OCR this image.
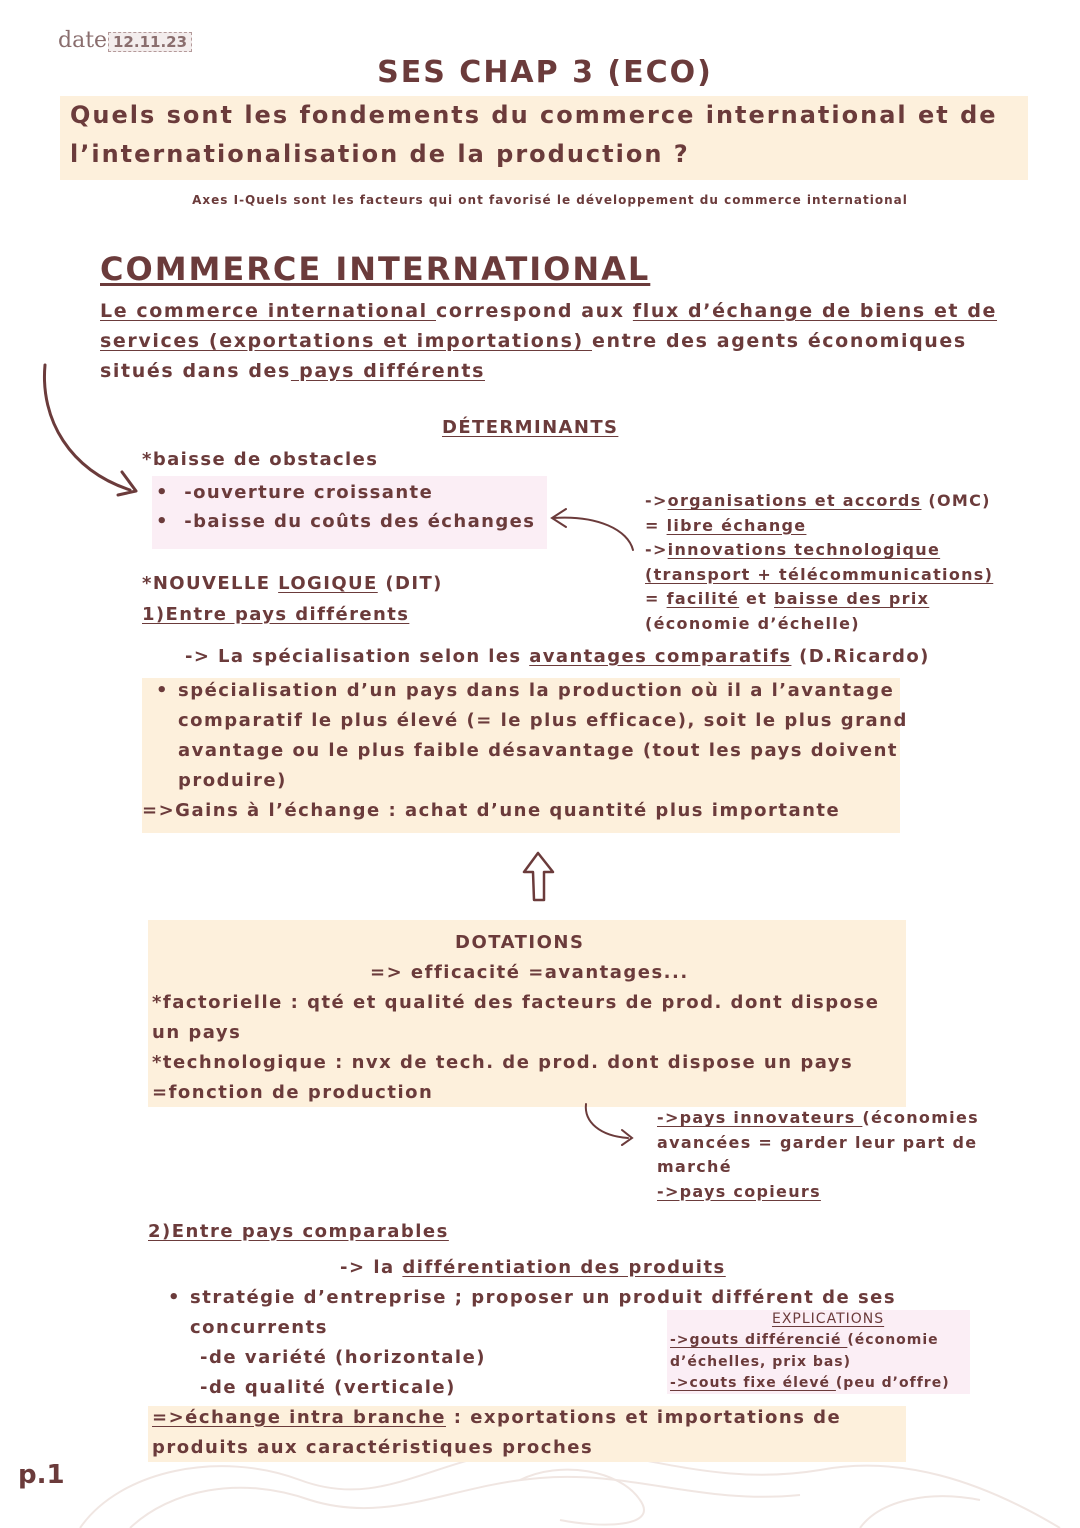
date 12.11.23
SES CHAP 3 (ECO)
Quels sont les fondements du commerce international et de
l’internationalisation de la production ?
Axes I-Quels sont les facteurs qui ont favorisé le développement du commerce international
COMMERCE INTERNATIONAL
Le commerce international correspond aux flux d’échange de biens et de
services (exportations et importations) entre des agents économiques
situés dans des pays différents
DÉTERMINANTS
*baisse de obstacles
•  -ouverture croissante
•  -baisse du coûts des échanges
->organisations et accords (OMC)
= libre échange
->innovations technologique
(transport + télécommunications)
= facilité et baisse des prix
(économie d’échelle)
*NOUVELLE LOGIQUE (DIT)
1)Entre pays différents
-> La spécialisation selon les avantages comparatifs (D.Ricardo)
• spécialisation d’un pays dans la production où il a l’avantage
comparatif le plus élevé (= le plus efficace), soit le plus grand
avantage ou le plus faible désavantage (tout les pays doivent
produire)
=>Gains à l’échange : achat d’une quantité plus importante
DOTATIONS
=> efficacité =avantages...
*factorielle : qté et qualité des facteurs de prod. dont dispose
un pays
*technologique : nvx de tech. de prod. dont dispose un pays
=fonction de production
->pays innovateurs (économies
avancées = garder leur part de
marché
->pays copieurs
2)Entre pays comparables
-> la différentiation des produits
• stratégie d’entreprise ; proposer un produit différent de ses
concurrents
-de variété (horizontale)
-de qualité (verticale)
EXPLICATIONS
->gouts différencié (économie
d’échelles, prix bas)
->couts fixe élevé (peu d’offre)
=>échange intra branche : exportations et importations de
produits aux caractéristiques proches
p.1
